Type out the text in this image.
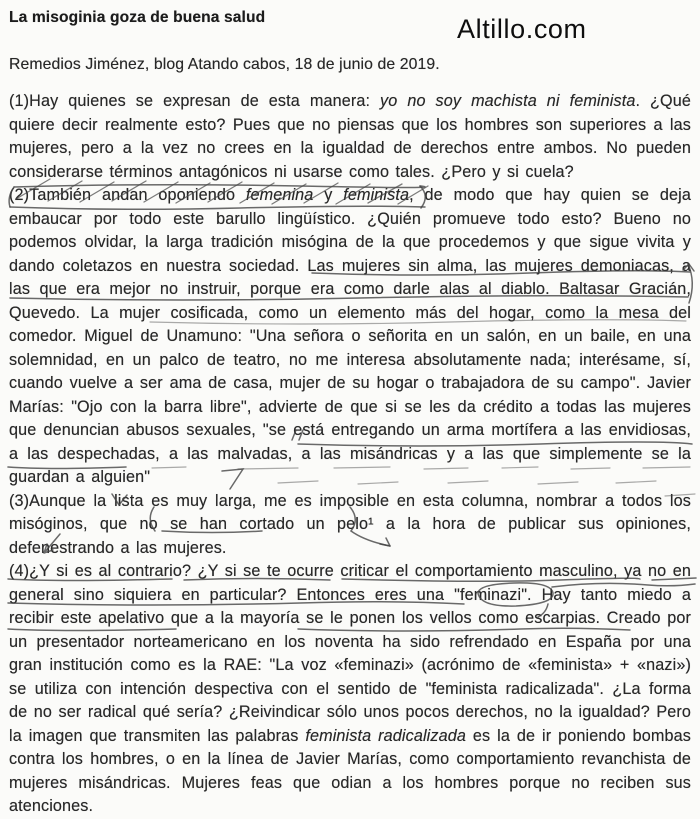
Altillo.com
La misoginia goza de buena salud

Remedios Jiménez, blog Atando cabos, 18 de junio de 2019.

(1)Hay quienes se expresan de esta manera: yo no soy machista ni feminista. ¿Qué quiere decir realmente esto? Pues que no piensas que los hombres son superiores a las mujeres, pero a la vez no crees en la igualdad de derechos entre ambos. No pueden considerarse términos antagónicos ni usarse como tales. ¿Pero y si cuela?

(2)También andan oponiendo femenina y feminista, de modo que hay quien se deja embaucar por todo este barullo lingüístico. ¿Quién promueve todo esto? Bueno no podemos olvidar, la larga tradición misógina de la que procedemos y que sigue vivita y dando coletazos en nuestra sociedad. Las mujeres sin alma, las mujeres demoniacas, a las que era mejor no instruir, porque era como darle alas al diablo. Baltasar Gracián, Quevedo. La mujer cosificada, como un elemento más del hogar, como la mesa del comedor. Miguel de Unamuno: "Una señora o señorita en un salón, en un baile, en una solemnidad, en un palco de teatro, no me interesa absolutamente nada; interésame, sí, cuando vuelve a ser ama de casa, mujer de su hogar o trabajadora de su campo". Javier Marías: "Ojo con la barra libre", advierte de que si se les da crédito a todas las mujeres que denuncian abusos sexuales, "se está entregando un arma mortífera a las envidiosas, a las despechadas, a las malvadas, a las misándricas y a las que simplemente se la guardan a alguien"

(3)Aunque la lista es muy larga, me es imposible en esta columna, nombrar a todos los misóginos, que no se han cortado un pelo¹ a la hora de publicar sus opiniones, defenestrando a las mujeres.

(4)¿Y si es al contrario? ¿Y si se te ocurre criticar el comportamiento masculino, ya no en general sino siquiera en particular? Entonces eres una "feminazi". Hay tanto miedo a recibir este apelativo que a la mayoría se le ponen los vellos como escarpias. Creado por un presentador norteamericano en los noventa ha sido refrendado en España por una gran institución como es la RAE: "La voz «feminazi» (acrónimo de «feminista» + «nazi») se utiliza con intención despectiva con el sentido de "feminista radicalizada". ¿La forma de no ser radical qué sería? ¿Reivindicar sólo unos pocos derechos, no la igualdad? Pero la imagen que transmiten las palabras feminista radicalizada es la de ir poniendo bombas contra los hombres, o en la línea de Javier Marías, como comportamiento revanchista de mujeres misándricas. Mujeres feas que odian a los hombres porque no reciben sus atenciones.
